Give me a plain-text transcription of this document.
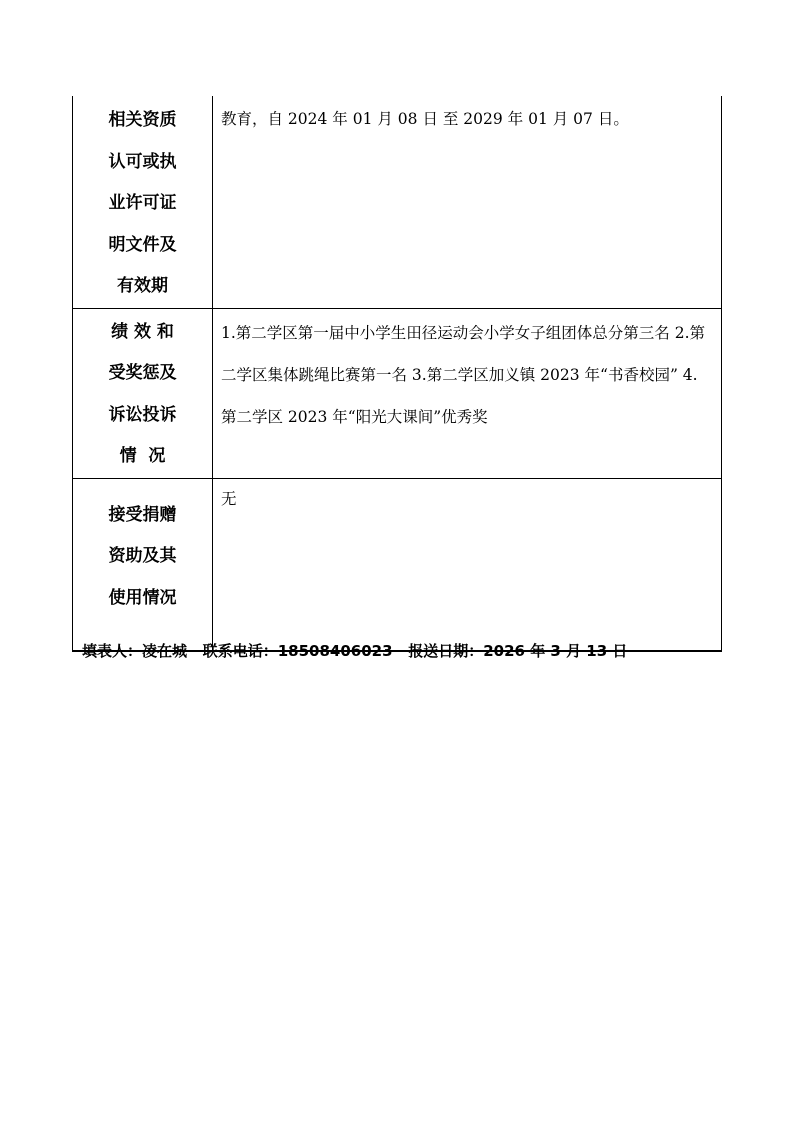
相关资质
认可或执
业许可证
明文件及
有效期	教育，自 2024 年 01 月 08 日 至 2029 年 01 月 07 日。

绩 效 和
受奖惩及
诉讼投诉
情  况	1.第二学区第一届中小学生田径运动会小学女子组团体总分第三名 2.第二学区集体跳绳比赛第一名 3.第二学区加义镇 2023 年“书香校园” 4.第二学区 2023 年“阳光大课间”优秀奖

接受捐赠
资助及其
使用情况	无
填表人：凌在城 联系电话：18508406023 报送日期：2026 年 3 月 13 日
